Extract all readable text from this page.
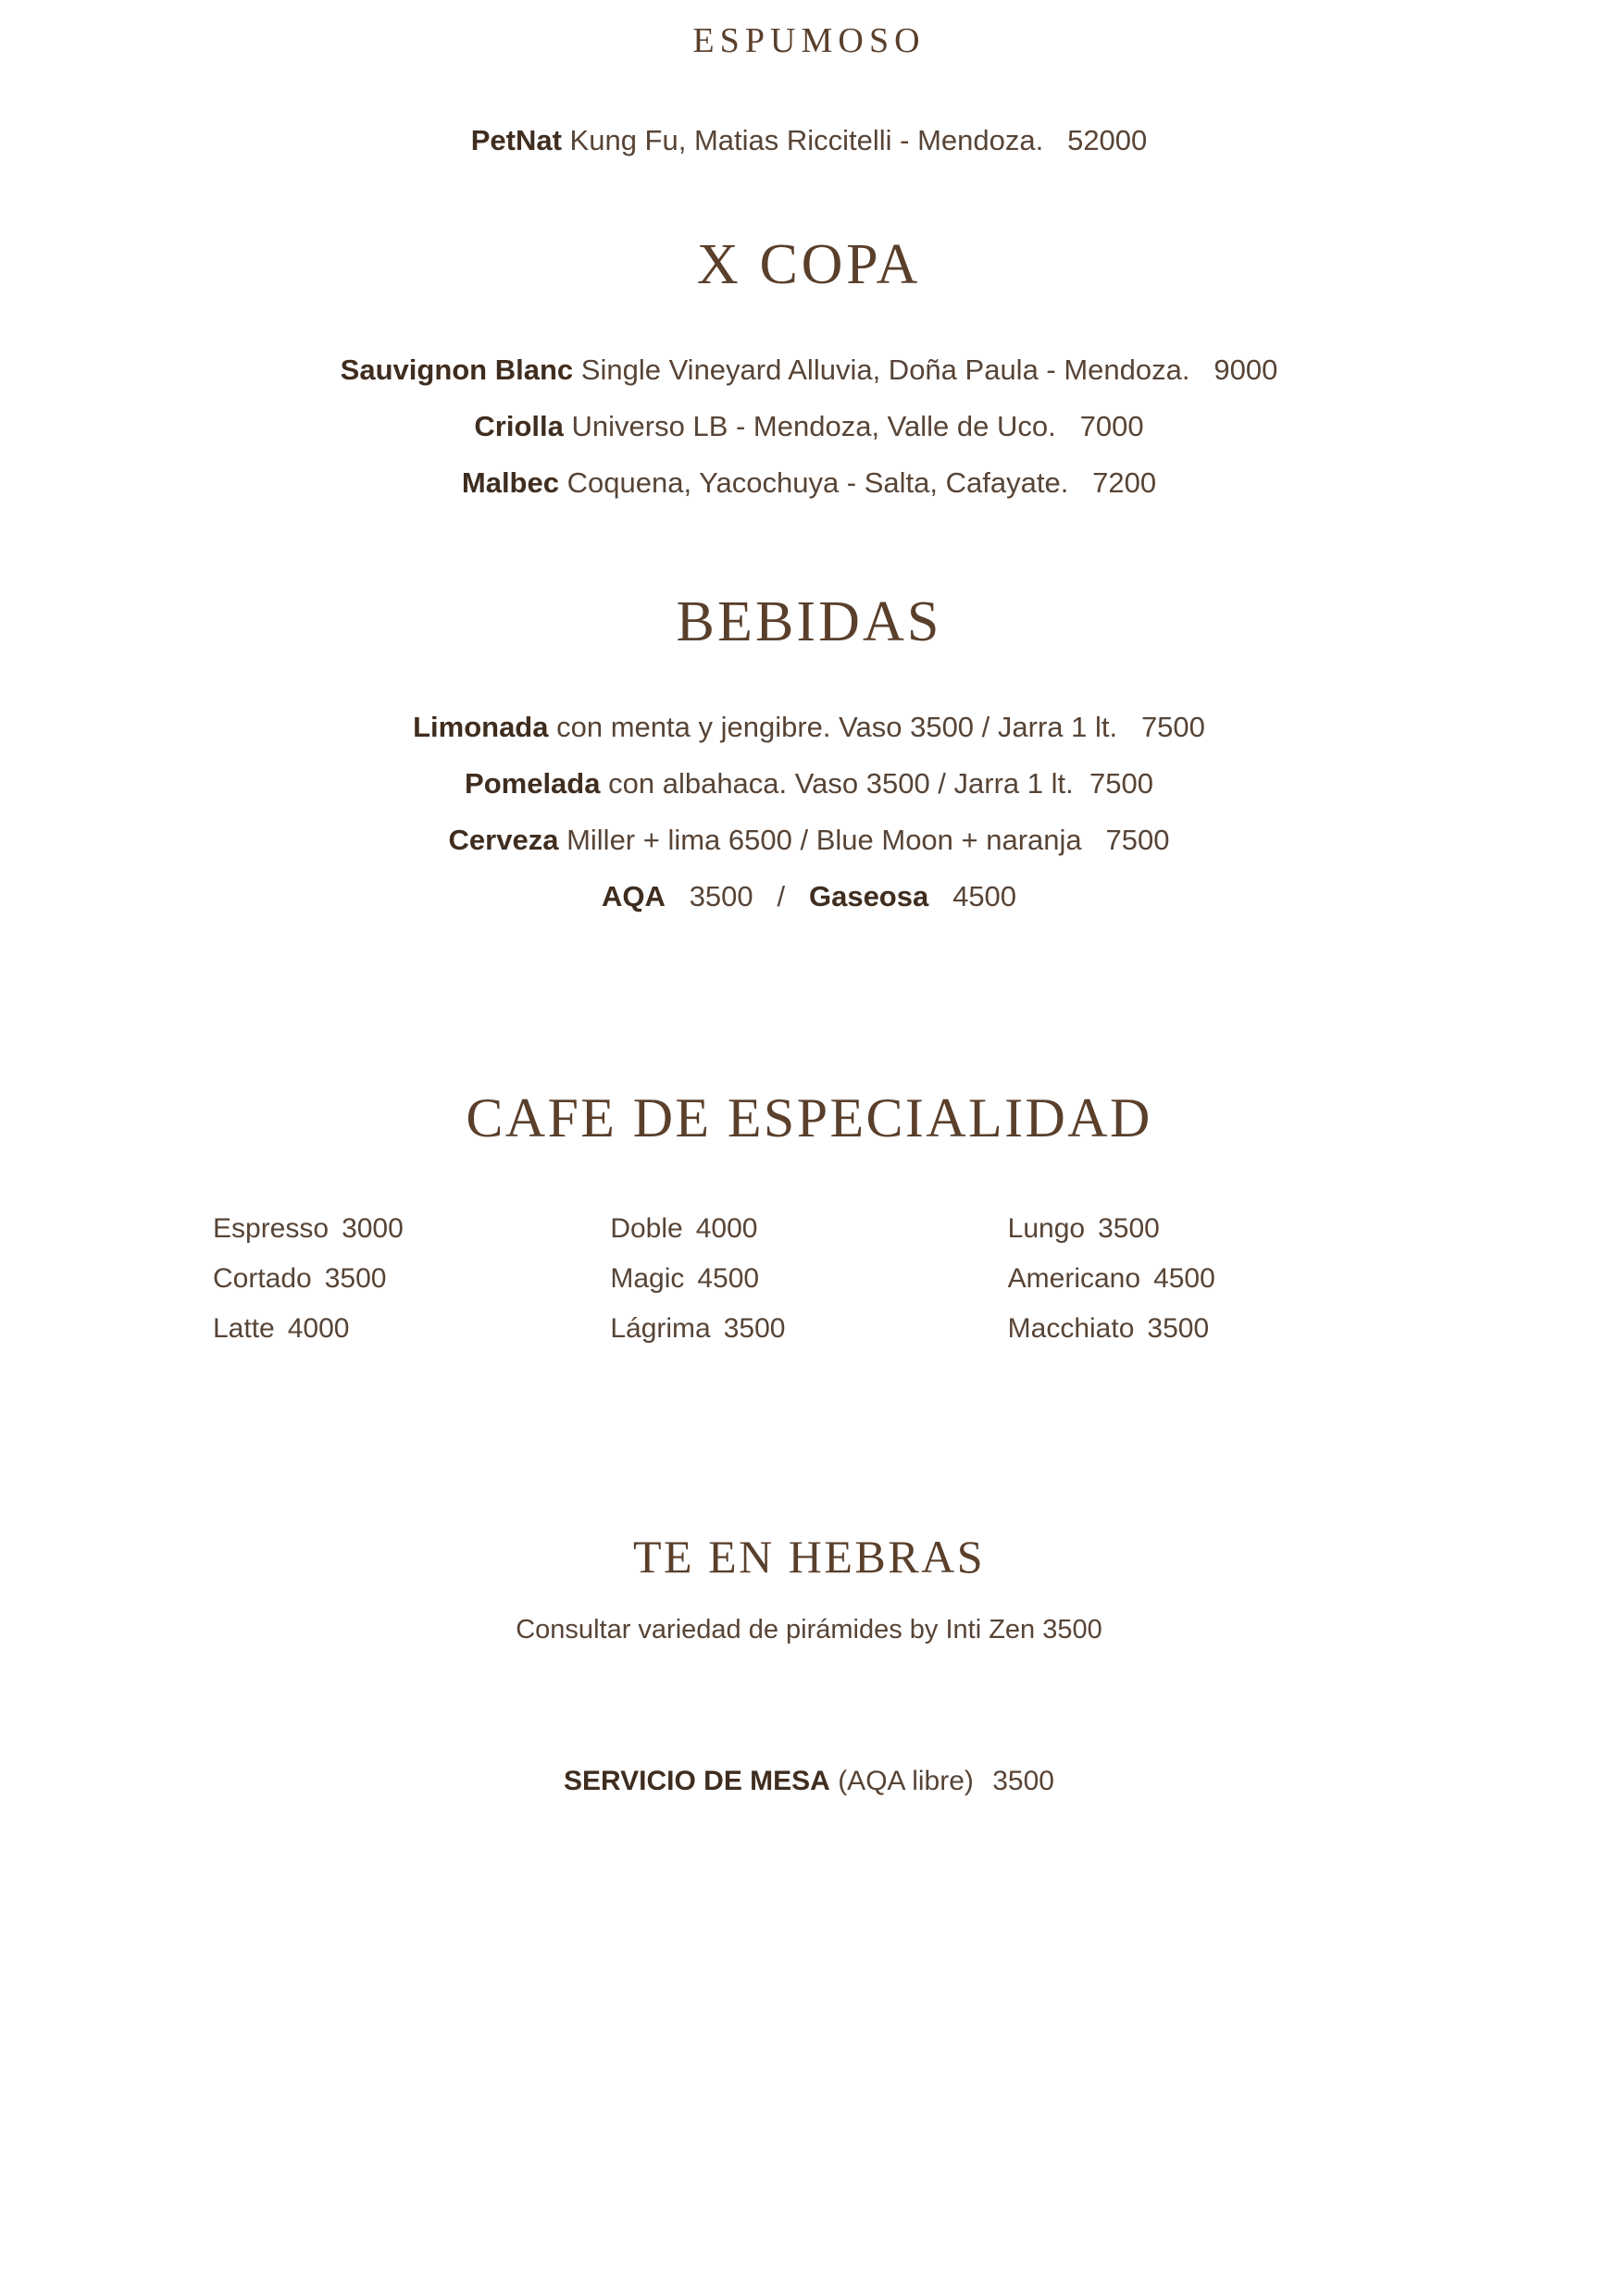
ESPUMOSO

PetNat Kung Fu, Matias Riccitelli - Mendoza. 52000

X COPA

Sauvignon Blanc Single Vineyard Alluvia, Doña Paula - Mendoza. 9000

Criolla Universo LB - Mendoza, Valle de Uco. 7000

Malbec Coquena, Yacochuya - Salta, Cafayate. 7200

BEBIDAS

Limonada con menta y jengibre. Vaso 3500 / Jarra 1 lt. 7500

Pomelada con albahaca. Vaso 3500 / Jarra 1 lt. 7500

Cerveza Miller + lima 6500 / Blue Moon + naranja 7500

AQA 3500 / Gaseosa 4500

CAFE DE ESPECIALIDAD
Espresso 3000	Doble 4000	Lungo 3500
Cortado 3500	Magic 4500	Americano 4500
Latte 4000	Lágrima 3500	Macchiato 3500
TE EN HEBRAS
Consultar variedad de pirámides by Inti Zen 3500
SERVICIO DE MESA (AQA libre) 3500
